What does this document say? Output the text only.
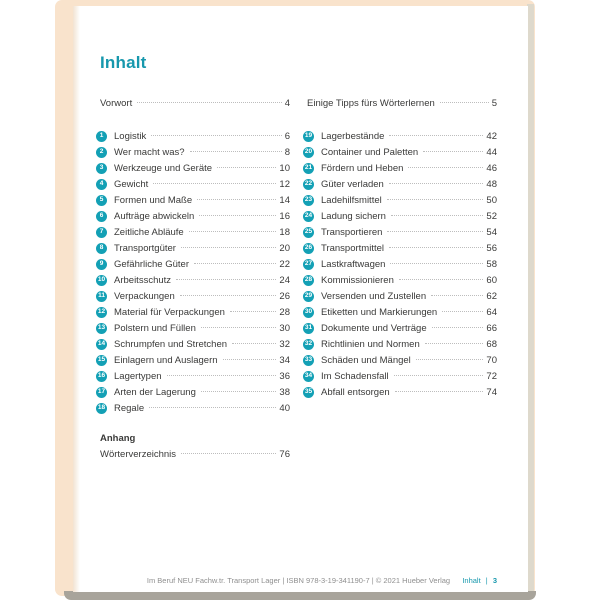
Inhalt
Vorwort	4
1	Logistik	6
2	Wer macht was?	8
3	Werkzeuge und Geräte	10
4	Gewicht	12
5	Formen und Maße	14
6	Aufträge abwickeln	16
7	Zeitliche Abläufe	18
8	Transportgüter	20
9	Gefährliche Güter	22
10 Arbeitsschutz	24
11 Verpackungen	26
12 Material für Verpackungen	28
13 Polstern und Füllen	30
14 Schrumpfen und Stretchen	32
15 Einlagern und Auslagern	34
16 Lagertypen	36
17 Arten der Lagerung	38
18 Regale	40
Anhang
Wörterverzeichnis	76
Einige Tipps fürs Wörterlernen	5
19 Lagerbestände	42
20 Container und Paletten	44
21 Fördern und Heben	46
22 Güter verladen	48
23 Ladehilfsmittel	50
24 Ladung sichern	52
25 Transportieren	54
26 Transportmittel	56
27 Lastkraftwagen	58
28 Kommissionieren	60
29 Versenden und Zustellen	62
30 Etiketten und Markierungen	64
31 Dokumente und Verträge	66
32 Richtlinien und Normen	68
33 Schäden und Mängel	70
34 Im Schadensfall	72
35 Abfall entsorgen	74
Im Beruf NEU Fachw.tr. Transport Lager | ISBN 978-3-19-341190-7 | © 2021 Hueber Verlag	Inhalt | 3
